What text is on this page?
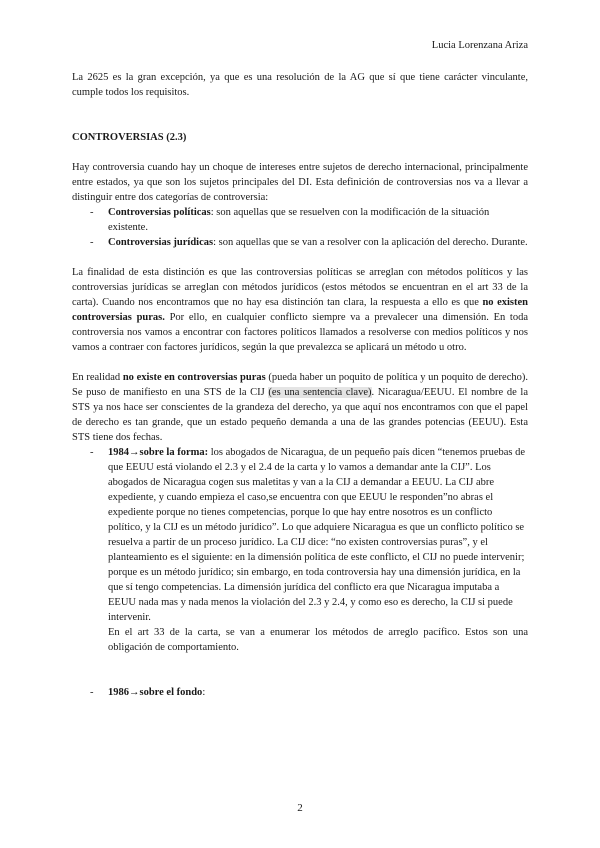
Lucia Lorenzana Ariza

La 2625 es la gran excepción, ya que es una resolución de la AG que sí que tiene carácter vinculante, cumple todos los requisitos.

CONTROVERSIAS (2.3)

Hay controversia cuando hay un choque de intereses entre sujetos de derecho internacional, principalmente entre estados, ya que son los sujetos principales del DI. Esta definición de controversias nos va a llevar a distinguir entre dos categorías de controversia:

- Controversias políticas: son aquellas que se resuelven con la modificación de la situación existente.
- Controversias jurídicas: son aquellas que se van a resolver con la aplicación del derecho. Durante.

La finalidad de esta distinción es que las controversias políticas se arreglan con métodos políticos y las controversias jurídicas se arreglan con métodos jurídicos (estos métodos se encuentran en el art 33 de la carta). Cuando nos encontramos que no hay esa distinción tan clara, la respuesta a ello es que no existen controversias puras. Por ello, en cualquier conflicto siempre va a prevalecer una dimensión. En toda controversia nos vamos a encontrar con factores políticos llamados a resolverse con medios políticos y nos vamos a contraer con factores jurídicos, según la que prevalezca se aplicará un método u otro.

En realidad no existe en controversias puras (pueda haber un poquito de política y un poquito de derecho). Se puso de manifiesto en una STS de la CIJ (es una sentencia clave). Nicaragua/EEUU. El nombre de la STS ya nos hace ser conscientes de la grandeza del derecho, ya que aquí nos encontramos con que el papel de derecho es tan grande, que un estado pequeño demanda a una de las grandes potencias (EEUU). Esta STS tiene dos fechas.

- 1984→sobre la forma: los abogados de Nicaragua, de un pequeño país dicen “tenemos pruebas de que EEUU está violando el 2.3 y el 2.4 de la carta y lo vamos a demandar ante la CIJ”. Los abogados de Nicaragua cogen sus maletitas y van a la CIJ a demandar a EEUU. La CIJ abre expediente, y cuando empieza el caso,se encuentra con que EEUU le responden”no abras el expediente porque no tienes competencias, porque lo que hay entre nosotros es un conflicto político, y la CIJ es un método jurídico”. Lo que adquiere Nicaragua es que un conflicto político se resuelva a partir de un proceso jurídico. La CIJ dice: “no existen controversias puras”, y el planteamiento es el siguiente: en la dimensión política de este conflicto, el CIJ no puede intervenir; porque es un método jurídico; sin embargo, en toda controversia hay una dimensión jurídica, en la que sí tengo competencias. La dimensión jurídica del conflicto era que Nicaragua imputaba a EEUU nada mas y nada menos la violación del 2.3 y 2.4, y como eso es derecho, la CIJ si puede intervenir.

En el art 33 de la carta, se van a enumerar los métodos de arreglo pacífico. Estos son una obligación de comportamiento.

- 1986→sobre el fondo:
2
